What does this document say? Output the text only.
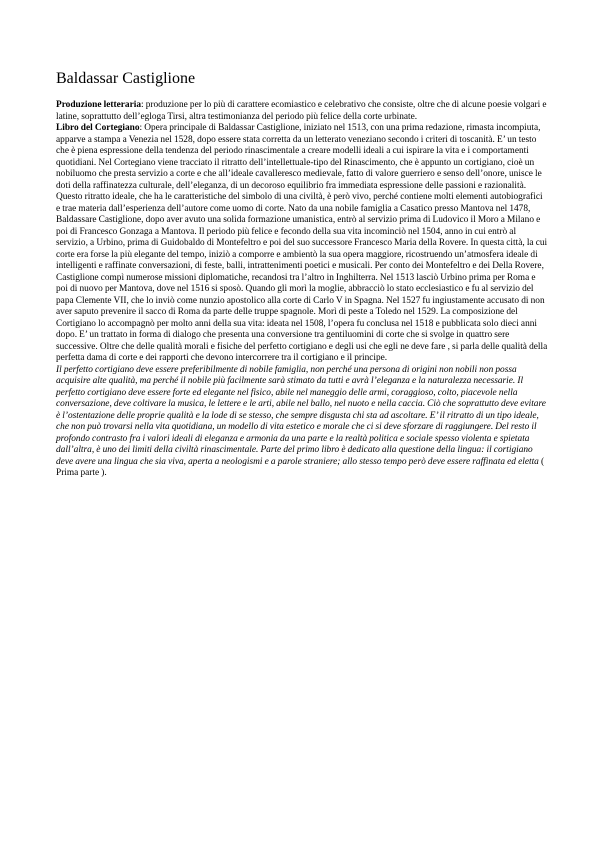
Baldassar Castiglione

Produzione letteraria: produzione per lo più di carattere ecomiastico e celebrativo che consiste, oltre che di alcune poesie volgari e latine, soprattutto dell’egloga Tirsi, altra testimonianza del periodo più felice della corte urbinate.

Libro del Cortegiano: Opera principale di Baldassar Castiglione, iniziato nel 1513, con una prima redazione, rimasta incompiuta, apparve a stampa a Venezia nel 1528, dopo essere stata corretta da un letterato veneziano secondo i criteri di toscanità. E’ un testo che è piena espressione della tendenza del periodo rinascimentale a creare modelli ideali a cui ispirare la vita e i comportamenti quotidiani. Nel Cortegiano viene tracciato il ritratto dell’intellettuale-tipo del Rinascimento, che è appunto un cortigiano, cioè un nobiluomo che presta servizio a corte e che all’ideale cavalleresco medievale, fatto di valore guerriero e senso dell’onore, unisce le doti della raffinatezza culturale, dell’eleganza, di un decoroso equilibrio fra immediata espressione delle passioni e razionalità. Questo ritratto ideale, che ha le caratteristiche del simbolo di una civiltà, è però vivo, perché contiene molti elementi autobiografici e trae materia dall’esperienza dell’autore come uomo di corte. Nato da una nobile famiglia a Casatico presso Mantova nel 1478, Baldassare Castiglione, dopo aver avuto una solida formazione umanistica, entrò al servizio prima di Ludovico il Moro a Milano e poi di Francesco Gonzaga a Mantova. Il periodo più felice e fecondo della sua vita incominciò nel 1504, anno in cui entrò al servizio, a Urbino, prima di Guidobaldo di Montefeltro e poi del suo successore Francesco Maria della Rovere. In questa città, la cui corte era forse la più elegante del tempo, iniziò a comporre e ambientò la sua opera maggiore, ricostruendo un’atmosfera ideale di intelligenti e raffinate conversazioni, di feste, balli, intrattenimenti poetici e musicali. Per conto dei Montefeltro e dei Della Rovere, Castiglione compì numerose missioni diplomatiche, recandosi tra l’altro in Inghilterra. Nel 1513 lasciò Urbino prima per Roma e poi di nuovo per Mantova, dove nel 1516 si sposò. Quando gli morì la moglie, abbracciò lo stato ecclesiastico e fu al servizio del papa Clemente VII, che lo inviò come nunzio apostolico alla corte di Carlo V in Spagna. Nel 1527 fu ingiustamente accusato di non aver saputo prevenire il sacco di Roma da parte delle truppe spagnole. Morì di peste a Toledo nel 1529. La composizione del Cortigiano lo accompagnò per molto anni della sua vita: ideata nel 1508, l’opera fu conclusa nel 1518 e pubblicata solo dieci anni dopo. E’ un trattato in forma di dialogo che presenta una conversione tra gentiluomini di corte che si svolge in quattro sere successive. Oltre che delle qualità morali e fisiche del perfetto cortigiano e degli usi che egli ne deve fare , si parla delle qualità della perfetta dama di corte e dei rapporti che devono intercorrere tra il cortigiano e il principe.

Il perfetto cortigiano deve essere preferibilmente di nobile famiglia, non perché una persona di origini non nobili non possa acquisire alte qualità, ma perché il nobile più facilmente sarà stimato da tutti e avrà l’eleganza e la naturalezza necessarie. Il perfetto cortigiano deve essere forte ed elegante nel fisico, abile nel maneggio delle armi, coraggioso, colto, piacevole nella conversazione, deve coltivare la musica, le lettere e le arti, abile nel ballo, nel nuoto e nella caccia. Ciò che soprattutto deve evitare è l’ostentazione delle proprie qualità e la lode di se stesso, che sempre disgusta chi sta ad ascoltare. E’ il ritratto di un tipo ideale, che non può trovarsi nella vita quotidiana, un modello di vita estetico e morale che ci si deve sforzare di raggiungere. Del resto il profondo contrasto fra i valori ideali di eleganza e armonia da una parte e la realtà politica e sociale spesso violenta e spietata dall’altra, è uno dei limiti della civiltà rinascimentale. Parte del primo libro è dedicato alla questione della lingua: il cortigiano deve avere una lingua che sia viva, aperta a neologismi e a parole straniere; allo stesso tempo però deve essere raffinata ed eletta ( Prima parte ).
